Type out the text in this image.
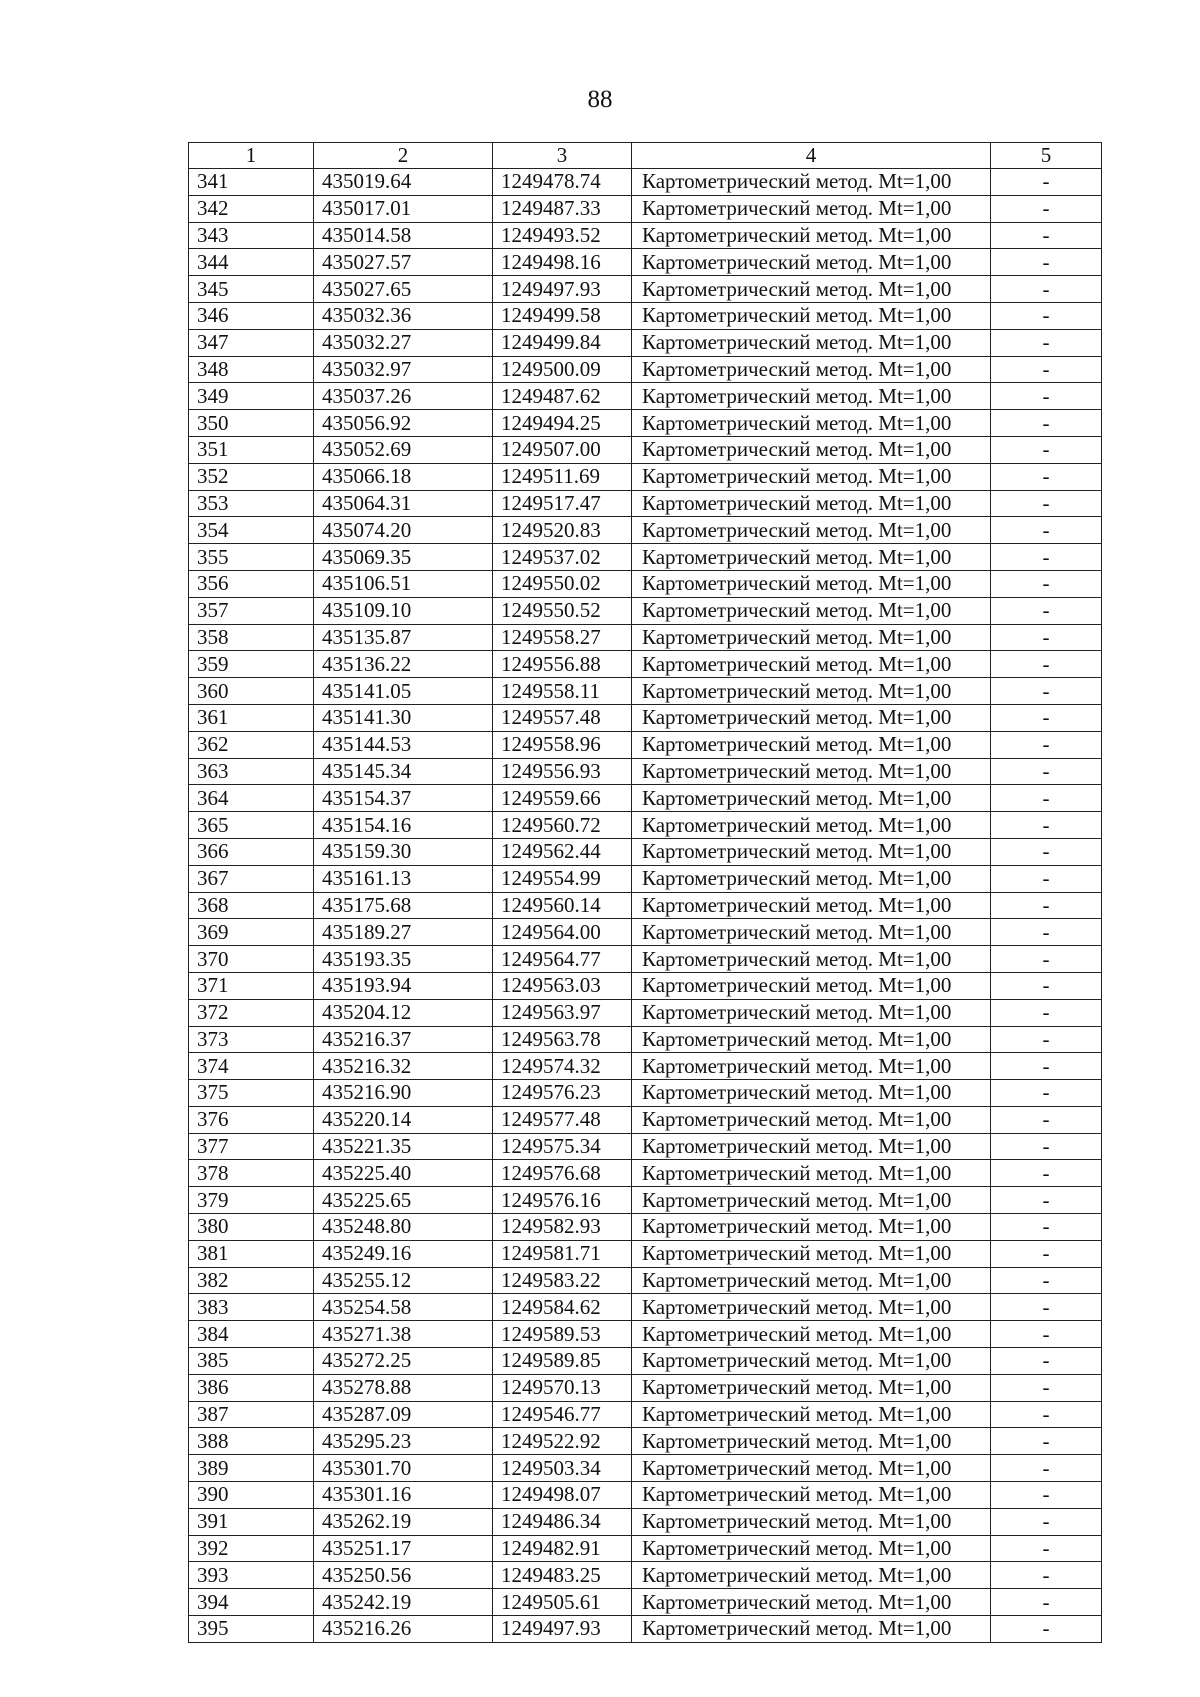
88
1	2	3	4	5
341	435019.64	1249478.74	Картометрический метод. Mt=1,00	-
342	435017.01	1249487.33	Картометрический метод. Mt=1,00	-
343	435014.58	1249493.52	Картометрический метод. Mt=1,00	-
344	435027.57	1249498.16	Картометрический метод. Mt=1,00	-
345	435027.65	1249497.93	Картометрический метод. Mt=1,00	-
346	435032.36	1249499.58	Картометрический метод. Mt=1,00	-
347	435032.27	1249499.84	Картометрический метод. Mt=1,00	-
348	435032.97	1249500.09	Картометрический метод. Mt=1,00	-
349	435037.26	1249487.62	Картометрический метод. Mt=1,00	-
350	435056.92	1249494.25	Картометрический метод. Mt=1,00	-
351	435052.69	1249507.00	Картометрический метод. Mt=1,00	-
352	435066.18	1249511.69	Картометрический метод. Mt=1,00	-
353	435064.31	1249517.47	Картометрический метод. Mt=1,00	-
354	435074.20	1249520.83	Картометрический метод. Mt=1,00	-
355	435069.35	1249537.02	Картометрический метод. Mt=1,00	-
356	435106.51	1249550.02	Картометрический метод. Mt=1,00	-
357	435109.10	1249550.52	Картометрический метод. Mt=1,00	-
358	435135.87	1249558.27	Картометрический метод. Mt=1,00	-
359	435136.22	1249556.88	Картометрический метод. Mt=1,00	-
360	435141.05	1249558.11	Картометрический метод. Mt=1,00	-
361	435141.30	1249557.48	Картометрический метод. Mt=1,00	-
362	435144.53	1249558.96	Картометрический метод. Mt=1,00	-
363	435145.34	1249556.93	Картометрический метод. Mt=1,00	-
364	435154.37	1249559.66	Картометрический метод. Mt=1,00	-
365	435154.16	1249560.72	Картометрический метод. Mt=1,00	-
366	435159.30	1249562.44	Картометрический метод. Mt=1,00	-
367	435161.13	1249554.99	Картометрический метод. Mt=1,00	-
368	435175.68	1249560.14	Картометрический метод. Mt=1,00	-
369	435189.27	1249564.00	Картометрический метод. Mt=1,00	-
370	435193.35	1249564.77	Картометрический метод. Mt=1,00	-
371	435193.94	1249563.03	Картометрический метод. Mt=1,00	-
372	435204.12	1249563.97	Картометрический метод. Mt=1,00	-
373	435216.37	1249563.78	Картометрический метод. Mt=1,00	-
374	435216.32	1249574.32	Картометрический метод. Mt=1,00	-
375	435216.90	1249576.23	Картометрический метод. Mt=1,00	-
376	435220.14	1249577.48	Картометрический метод. Mt=1,00	-
377	435221.35	1249575.34	Картометрический метод. Mt=1,00	-
378	435225.40	1249576.68	Картометрический метод. Mt=1,00	-
379	435225.65	1249576.16	Картометрический метод. Mt=1,00	-
380	435248.80	1249582.93	Картометрический метод. Mt=1,00	-
381	435249.16	1249581.71	Картометрический метод. Mt=1,00	-
382	435255.12	1249583.22	Картометрический метод. Mt=1,00	-
383	435254.58	1249584.62	Картометрический метод. Mt=1,00	-
384	435271.38	1249589.53	Картометрический метод. Mt=1,00	-
385	435272.25	1249589.85	Картометрический метод. Mt=1,00	-
386	435278.88	1249570.13	Картометрический метод. Mt=1,00	-
387	435287.09	1249546.77	Картометрический метод. Mt=1,00	-
388	435295.23	1249522.92	Картометрический метод. Mt=1,00	-
389	435301.70	1249503.34	Картометрический метод. Mt=1,00	-
390	435301.16	1249498.07	Картометрический метод. Mt=1,00	-
391	435262.19	1249486.34	Картометрический метод. Mt=1,00	-
392	435251.17	1249482.91	Картометрический метод. Mt=1,00	-
393	435250.56	1249483.25	Картометрический метод. Mt=1,00	-
394	435242.19	1249505.61	Картометрический метод. Mt=1,00	-
395	435216.26	1249497.93	Картометрический метод. Mt=1,00	-
